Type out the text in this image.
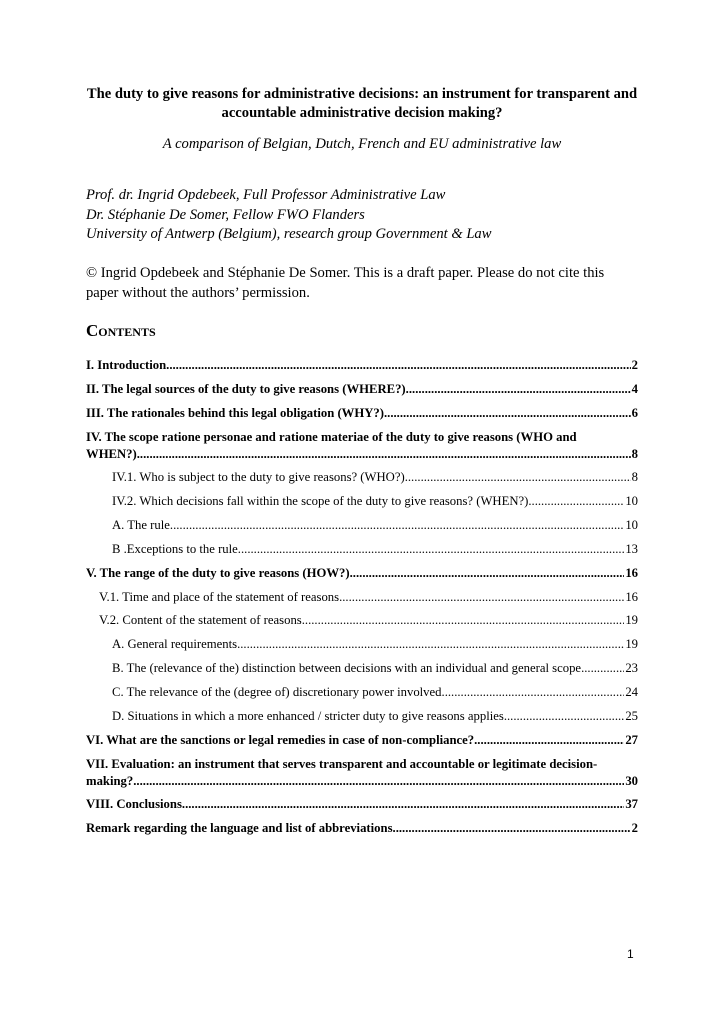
The duty to give reasons for administrative decisions: an instrument for transparent and
accountable administrative decision making?
A comparison of Belgian, Dutch, French and EU administrative law
Prof. dr. Ingrid Opdebeek, Full Professor Administrative Law
Dr. Stéphanie De Somer, Fellow FWO Flanders
University of Antwerp (Belgium), research group Government & Law
© Ingrid Opdebeek and Stéphanie De Somer. This is a draft paper. Please do not cite this
paper without the authors’ permission.
Contents
I. Introduction .....	2
II. The legal sources of the duty to give reasons (WHERE?) .....	4
III. The rationales behind this legal obligation (WHY?) .....	6
IV. The scope ratione personae and ratione materiae of the duty to give reasons (WHO and
WHEN?) .....	8
IV.1. Who is subject to the duty to give reasons? (WHO?) .....	8
IV.2. Which decisions fall within the scope of the duty to give reasons? (WHEN?) .....	10
A. The rule .....	10
B .Exceptions to the rule .....	13
V. The range of the duty to give reasons (HOW?) .....	16
V.1. Time and place of the statement of reasons .....	16
V.2. Content of the statement of reasons .....	19
A. General requirements .....	19
B. The (relevance of the) distinction between decisions with an individual and general scope .....	23
C. The relevance of the (degree of) discretionary power involved .....	24
D. Situations in which a more enhanced / stricter duty to give reasons applies .....	25
VI. What are the sanctions or legal remedies in case of non-compliance? .....	27
VII. Evaluation: an instrument that serves transparent and accountable or legitimate decision-
making? .....	30
VIII. Conclusions .....	37
Remark regarding the language and list of abbreviations .....	2
1
